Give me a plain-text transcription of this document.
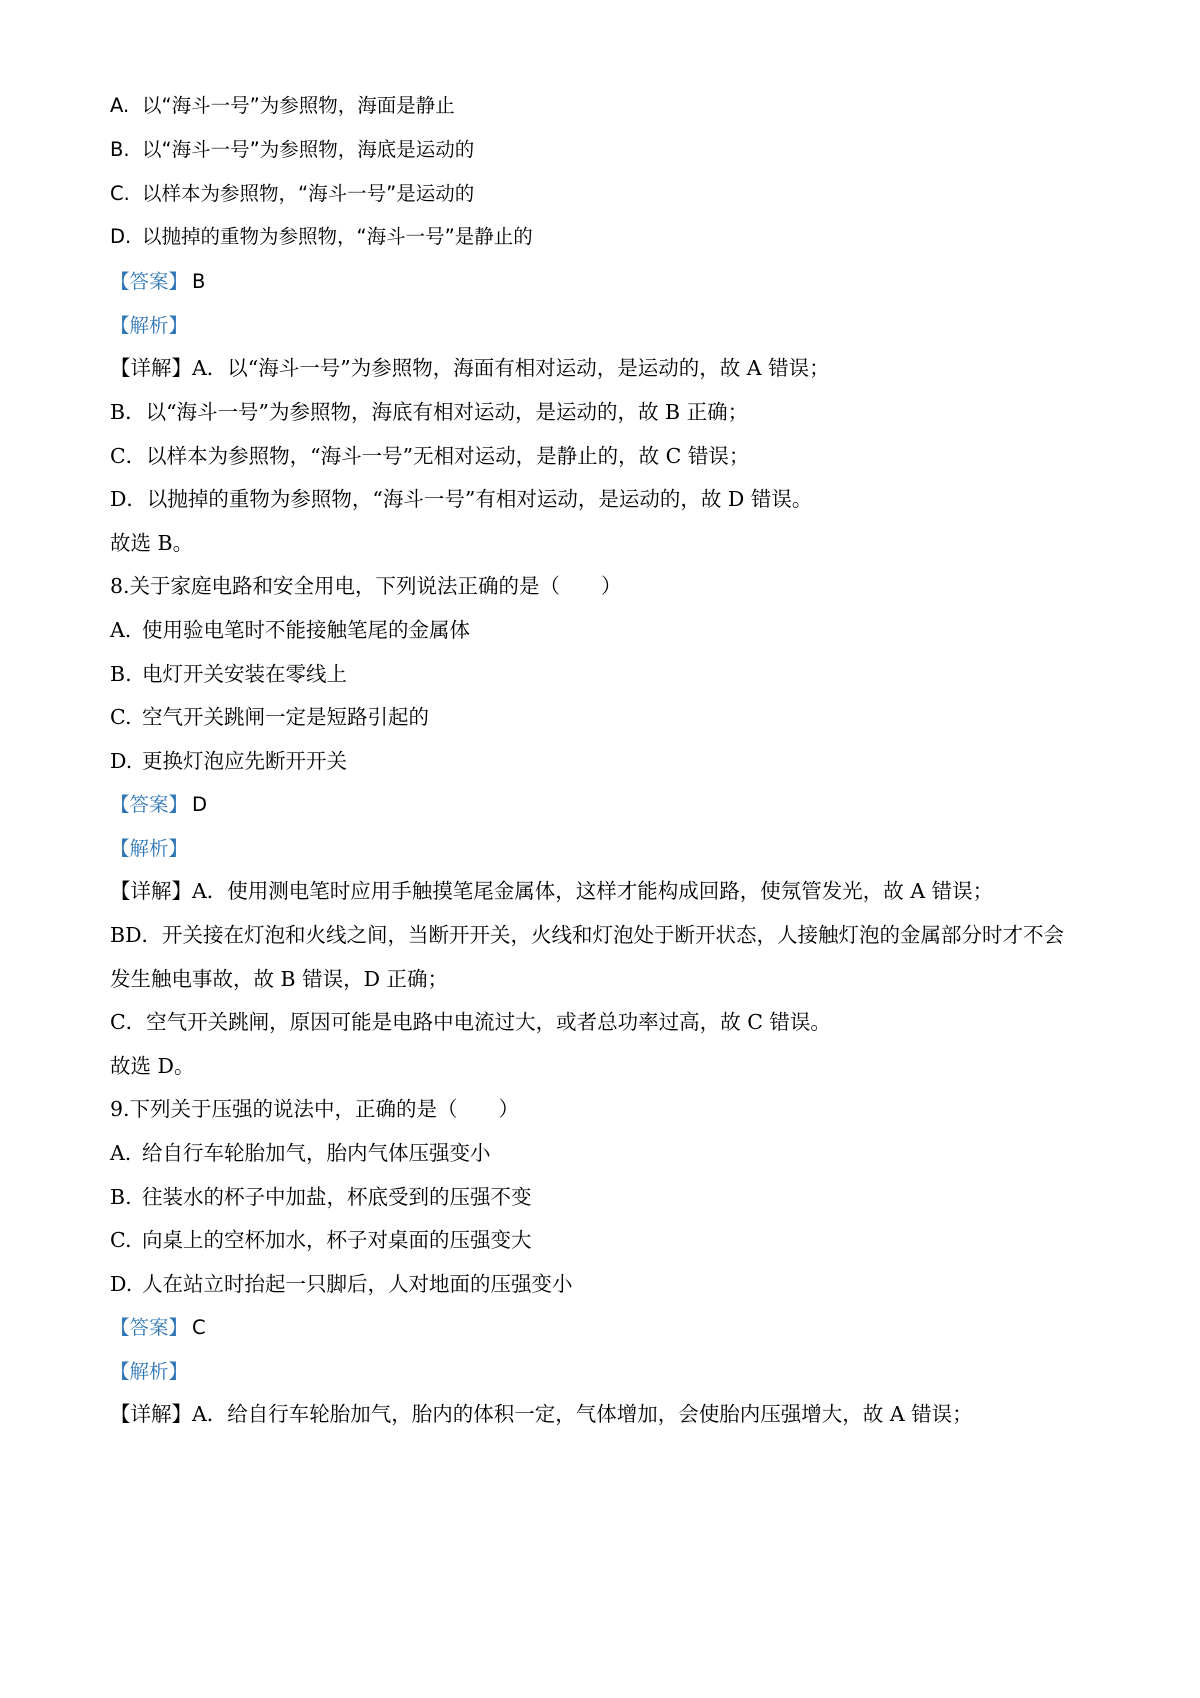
A. 以“海斗一号”为参照物，海面是静止
B. 以“海斗一号”为参照物，海底是运动的
C. 以样本为参照物，“海斗一号”是运动的
D. 以抛掉的重物为参照物，“海斗一号”是静止的
【答案】 B
【解析】
【详解】A．以“海斗一号”为参照物，海面有相对运动，是运动的，故 A 错误；
B．以“海斗一号”为参照物，海底有相对运动，是运动的，故 B 正确；
C．以样本为参照物，“海斗一号”无相对运动，是静止的，故 C 错误；
D．以抛掉的重物为参照物，“海斗一号”有相对运动，是运动的，故 D 错误。
故选 B。
8.关于家庭电路和安全用电，下列说法正确的是（　　）
A. 使用验电笔时不能接触笔尾的金属体
B. 电灯开关安装在零线上
C. 空气开关跳闸一定是短路引起的
D. 更换灯泡应先断开开关
【答案】 D
【解析】
【详解】A．使用测电笔时应用手触摸笔尾金属体，这样才能构成回路，使氖管发光，故 A 错误；
BD．开关接在灯泡和火线之间，当断开开关，火线和灯泡处于断开状态，人接触灯泡的金属部分时才不会
发生触电事故，故 B 错误，D 正确；
C．空气开关跳闸，原因可能是电路中电流过大，或者总功率过高，故 C 错误。
故选 D。
9.下列关于压强的说法中，正确的是（　　）
A. 给自行车轮胎加气，胎内气体压强变小
B. 往装水的杯子中加盐，杯底受到的压强不变
C. 向桌上的空杯加水，杯子对桌面的压强变大
D. 人在站立时抬起一只脚后，人对地面的压强变小
【答案】 C
【解析】
【详解】A．给自行车轮胎加气，胎内的体积一定，气体增加，会使胎内压强增大，故 A 错误；
